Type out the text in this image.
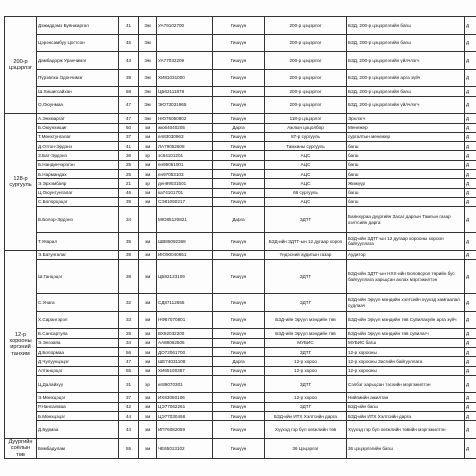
200-р цэцэрлэг	Дэжиддэмэ Буянжаргал	41	Эм	УА79102700	Гишүүн	200-р цэцэрлэг	БЗД, 200-р цэцэрлэгийн багш	Д
	Цэрэнсамбуу Цогтсон	45	Эм		Гишүүн	200-р цэцэрлэг	БЗД, 200-р цэцэрлэгийн багш	Д
	Дамбадорж Уранчимэг	43	Эм	УА77032209	Гишүүн	200-р цэцэрлэг	БЗД, 200-р цэцэрлэгийн үйлчлэгч	Д
	Пүрэвлха Одончимэг	39	Эм	ХИ81031000	Гишүүн	200-р цэцэрлэг	БЗД, 200-р цэцэрлэгийн арга зүйч	Д
	Ш.Хишигсайхан	58	Эм	ЦБ62111878	Гишүүн	200-р цэцэрлэг	БЗД, 200-р цэцэрлэгийн багш	Д
	О.Оюунмаа	47	Эм	ЭЮ73031965	Гишүүн	200-р цэцэрлэг	БЗД, 200-р цэцэрлэгийн үйлчлэгч	Д
128-р сургууль	А.Энхмаргат	47	Эм	НЮ76050802	Гишүүн	118-р цэцэрлэг	Эрхлэгч	Д
	Б.Оюунхишиг	50	эм	жю64040205	Дарга	Ажлын цоцолбор	Менежер	Д
	Т.Мөнхтунгалаг	37	эм	ел83030963	Гишүүн	87-р сургууль	сургалтын менежер	Д
	Д.Отгон-Эрдэнэ	41	эм	ЛА79052608	Гишүүн	Тамхины сургууль	багш	Д
	З.Бат-Эрдэнэ	36	эр	эс84101201	Гишүүн	АЦС	багш	Д
	Б.Нандинчэрэгэн	25	эм	ен95051001	Гишүүн	АЦС	багш	Д
	Б.Нармандах	25	эм	ен97053103	Гишүүн	АЦС	багш	Д
	Э.Эрхэмбаяр	21	эр	ден99031501	Гишүүн	АЦС	Жижүүр	Д
	Ц.Оюунтунгалаг	46	эм	ка74101701	Гишүүн	68 сургууль	багш	Д
	С.Болорцэцэг	39	эм	СЭ81060217	Гишүүн	АЦС	багш	Д
	Б.Болор-Эрдэнэ	34		МЮ85120821	Дарга	ЗДТГ	Баянхураа дүүргийн Засаг даргын Тамгын газар хэлтсийн дарга	Д
	Т.Уяарал	35	эм	ШВ85092368	Гишүүн	БЗД-ийн ЗДТГ-ын 12 дугаар хороо	БЗД-ийн ЗДТГ-ын 12 дугаар хорооны хороон байгууллага	Д
12-р хорооны иргэний танхим	Э.Батунгалаг	39	эм	ИЮ90040651	Гишүүн	Үндэсний аудитын газар	Аудитор	Д
	Ш.Ганцэцэг	38	эм	ЦБ82123109	Гишүүн	ЗДТГ	БЗД-ийн ЗДТГ-ын НХХ-ийн Боловсрол төрийн бус байгууллага харьцсан ахлах мэргэжилтэн	Д
	С.Унага	32	эм	СД87112655	Гишүүн	ЗДТГ	БЗД-ийн Эрүүл мэндийн хэлтсийн хүүхэд хамгаалал судлаач	Д
	Х.Сарангэрэл	33	эм	НФ87070801	Гишүүн	БЗД-ийн Эрүүл мэндийн төв	БЗД-ийн Эрүүл мэндийн төв Сувилахуйн арга зүйч	Д
	Б.Сансартуяа	26	эм	ВХ92032200	Гишүүн	БЗД-ийн Эрүүл мэндийн төв	БЗД-ийн Эрүүл мэндийн төв сувилагч	Д
	Э.Энэзаяа	34	эм	АА86062505	Гишүүн	МУБИС	МУБИС багш	Д
	Д.Болормаа	56	эм	ДО72061700	Гишүүн	ЗДТГ	12-р хорооны	Д
	Д.Чулуунцэцэг	47	эм	ШЕ74031108	Дарга	12-р хороо	12-р хорооны Засгийн байгууллага	Д
	Алтанцэцэг	55	эм	ХИ65100367	Гишүүн	12-р хороо	12-р хорооны	Д
	Ц.Далайхүү	31	эр	иг89070301	Гишүүн	ЗДТГ	Сэлбэг харьцсан тэсхийн мэргэжилтэн	Д
	Э.Мөнхцэцэг	37	эм	ИХ83050106	Гишүүн	12-р хороо	Нийгмийн ажилтан	Д
	Р.Нансалмаа	42	эм	ЦЭ77062261	Гишүүн	ЗДТГ	БЗД-ийн багш	Д
	Б.Мөнхцэцэг	44	эм	ЦЭ77030468	Гишүүн	БЗД-ийн ИТХ Хэлтсийн дарга	БЗД-ийн ИТХ Хэлтсийн дарга	Д
	Д.Бурмаа	44	эм	ИП76082059	Гишүүн	Хүүхэд гэр бүл хөгжлийн төв	Хүүхэд гэр бүл хөгжлийн төвийн мэргэжилтэн	Д
Дүүргийн соёлын төв	Бямбадулам	55	эм	ЧЕ65013102	Гишүүн	36 Цэцэрлэг	36 цэцэрлэгийн багш	Д
